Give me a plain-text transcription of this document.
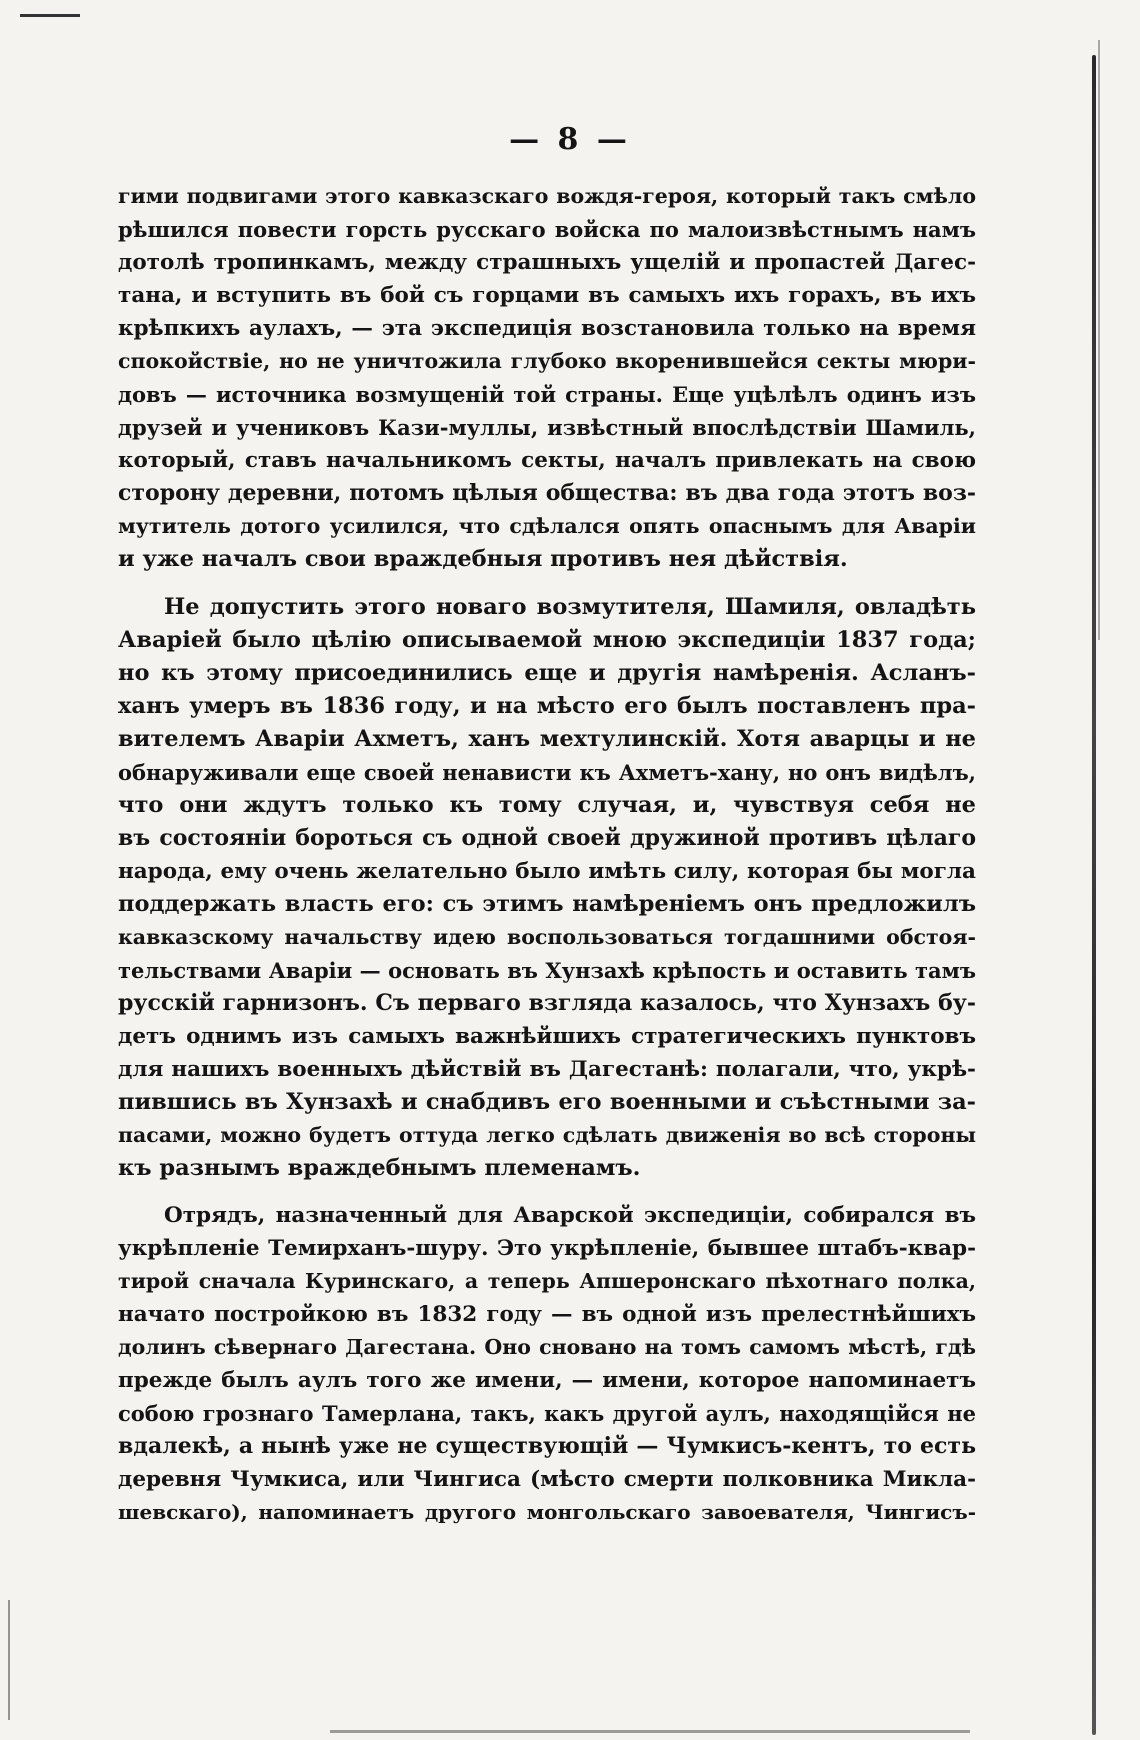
— 8 —
гими подвигами этого кавказскаго вождя-героя, который такъ смѣло
рѣшился повести горсть русскаго войска по малоизвѣстнымъ намъ
дотолѣ тропинкамъ, между страшныхъ ущелій и пропастей Дагес-
тана, и вступить въ бой съ горцами въ самыхъ ихъ горахъ, въ ихъ
крѣпкихъ аулахъ, — эта экспедиція возстановила только на время
спокойствіе, но не уничтожила глубоко вкоренившейся секты мюри-
довъ — источника возмущеній той страны. Еще уцѣлѣлъ одинъ изъ
друзей и учениковъ Кази-муллы, извѣстный впослѣдствіи Шамиль,
который, ставъ начальникомъ секты, началъ привлекать на свою
сторону деревни, потомъ цѣлыя общества: въ два года этотъ воз-
мутитель дотого усилился, что сдѣлался опять опаснымъ для Аваріи
и уже началъ свои враждебныя противъ нея дѣйствія.
Не допустить этого новаго возмутителя, Шамиля, овладѣть
Аваріей было цѣлію описываемой мною экспедиціи 1837 года;
но къ этому присоединились еще и другія намѣренія. Асланъ-
ханъ умеръ въ 1836 году, и на мѣсто его былъ поставленъ пра-
вителемъ Аваріи Ахметъ, ханъ мехтулинскій. Хотя аварцы и не
обнаруживали еще своей ненависти къ Ахметъ-хану, но онъ видѣлъ,
что они ждутъ только къ тому случая, и, чувствуя себя не
въ состояніи бороться съ одной своей дружиной противъ цѣлаго
народа, ему очень желательно было имѣть силу, которая бы могла
поддержать власть его: съ этимъ намѣреніемъ онъ предложилъ
кавказскому начальству идею воспользоваться тогдашними обстоя-
тельствами Аваріи — основать въ Хунзахѣ крѣпость и оставить тамъ
русскій гарнизонъ. Съ перваго взгляда казалось, что Хунзахъ бу-
детъ однимъ изъ самыхъ важнѣйшихъ стратегическихъ пунктовъ
для нашихъ военныхъ дѣйствій въ Дагестанѣ: полагали, что, укрѣ-
пившись въ Хунзахѣ и снабдивъ его военными и съѣстными за-
пасами, можно будетъ оттуда легко сдѣлать движенія во всѣ стороны
къ разнымъ враждебнымъ племенамъ.
Отрядъ, назначенный для Аварской экспедиціи, собирался въ
укрѣпленіе Темирханъ-шуру. Это укрѣпленіе, бывшее штабъ-квар-
тирой сначала Куринскаго, а теперь Апшеронскаго пѣхотнаго полка,
начато постройкою въ 1832 году — въ одной изъ прелестнѣйшихъ
долинъ сѣвернаго Дагестана. Оно сновано на томъ самомъ мѣстѣ, гдѣ
прежде былъ аулъ того же имени, — имени, которое напоминаетъ
собою грознаго Тамерлана, такъ, какъ другой аулъ, находящійся не
вдалекѣ, а нынѣ уже не существующій — Чумкисъ-кентъ, то есть
деревня Чумкиса, или Чингиса (мѣсто смерти полковника Микла-
шевскаго), напоминаетъ другого монгольскаго завоевателя, Чингисъ-
